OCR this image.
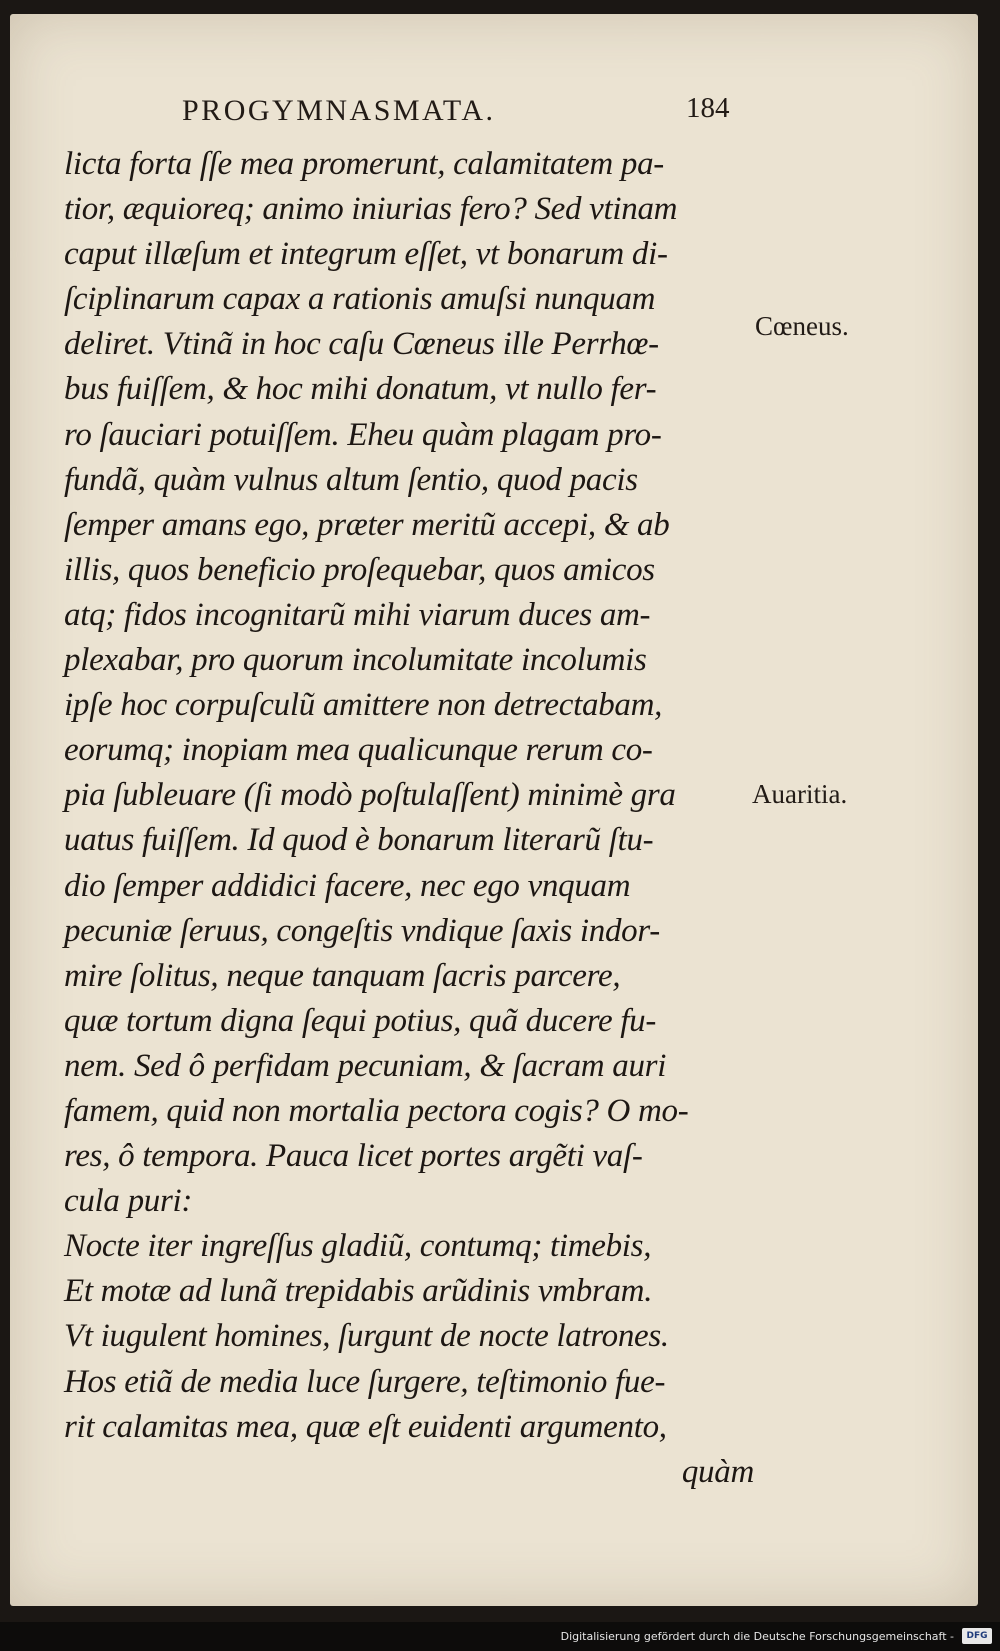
PROGYMNASMATA.	184
licta forta ſſe mea promerunt, calamitatem pa-
tior, æquioreq; animo iniurias fero? Sed vtinam
caput illæſum et integrum eſſet, vt bonarum di-
ſciplinarum capax a rationis amuſsi nunquam
deliret. Vtinã in hoc caſu Cœneus ille Perrhœ-
bus fuiſſem, & hoc mihi donatum, vt nullo fer-
ro ſauciari potuiſſem. Eheu quàm plagam pro-
fundã, quàm vulnus altum ſentio, quod pacis
ſemper amans ego, præter meritũ accepi, & ab
illis, quos beneficio proſequebar, quos amicos
atq; fidos incognitarũ mihi viarum duces am-
plexabar, pro quorum incolumitate incolumis
ipſe hoc corpuſculũ amittere non detrectabam,
eorumq; inopiam mea qualicunque rerum co-
pia ſubleuare (ſi modò poſtulaſſent) minimè gra
uatus fuiſſem. Id quod è bonarum literarũ ſtu-
dio ſemper addidici facere, nec ego vnquam
pecuniæ ſeruus, congeſtis vndique ſaxis indor-
mire ſolitus, neque tanquam ſacris parcere,
quæ tortum digna ſequi potius, quã ducere fu-
nem. Sed ô perfidam pecuniam, & ſacram auri
famem, quid non mortalia pectora cogis? O mo-
res, ô tempora. Pauca licet portes argẽti vaſ-
cula puri:
Nocte iter ingreſſus gladiũ, contumq; timebis,
Et motæ ad lunã trepidabis arũdinis vmbram.
Vt iugulent homines, ſurgunt de nocte latrones.
Hos etiã de media luce ſurgere, teſtimonio fue-
rit calamitas mea, quæ eſt euidenti argumento,
quàm
Cœneus.
Auaritia.
Digitalisierung gefördert durch die Deutsche Forschungsgemeinschaft -	DFG
